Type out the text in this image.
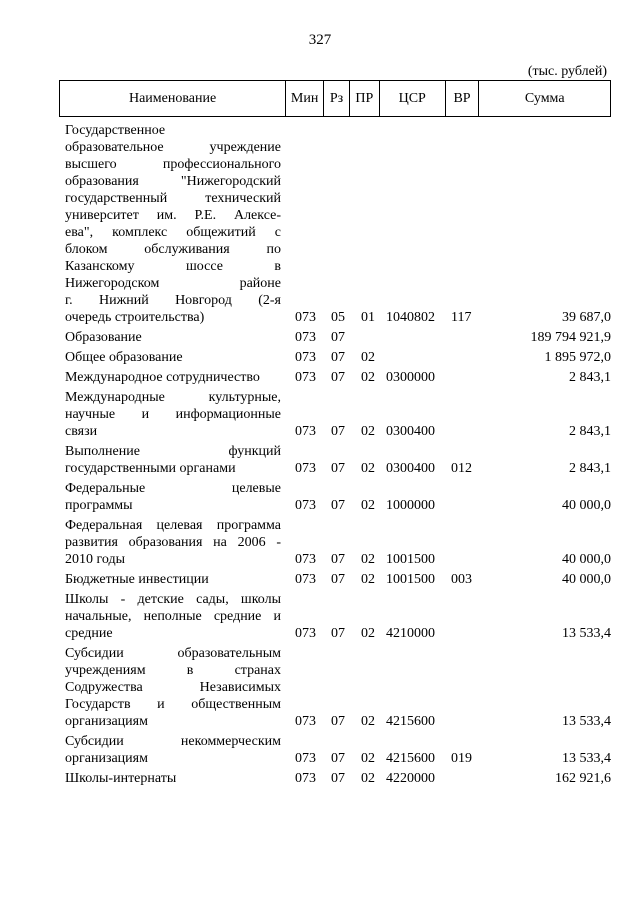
327
(тыс. рублей)
Наименование	Мин Рз ПР	ЦСР	ВР	Сумма
Государственное
образовательное учреждение
высшего профессионального
образования "Нижегородский
государственный технический
университет им. Р.Е. Алексе-
ева", комплекс общежитий с
блоком обслуживания по
Казанскому шоссе в
Нижегородском районе
г. Нижний Новгород (2-я
очередь строительства)	073 05 01 1040802 117	39 687,0
Образование	073 07	189 794 921,9
Общее образование	073 07 02	1 895 972,0
Международное сотрудничество	073 07 02 0300000	2 843,1
Международные культурные,
научные и информационные
связи	073 07 02 0300400	2 843,1
Выполнение функций
государственными органами	073 07 02 0300400 012	2 843,1
Федеральные целевые
программы	073 07 02 1000000	40 000,0
Федеральная целевая программа
развития образования на 2006 -
2010 годы	073 07 02 1001500	40 000,0
Бюджетные инвестиции	073 07 02 1001500 003	40 000,0
Школы - детские сады, школы
начальные, неполные средние и
средние	073 07 02 4210000	13 533,4
Субсидии образовательным
учреждениям в странах
Содружества Независимых
Государств и общественным
организациям	073 07 02 4215600	13 533,4
Субсидии некоммерческим
организациям	073 07 02 4215600 019	13 533,4
Школы-интернаты	073 07 02 4220000	162 921,6
